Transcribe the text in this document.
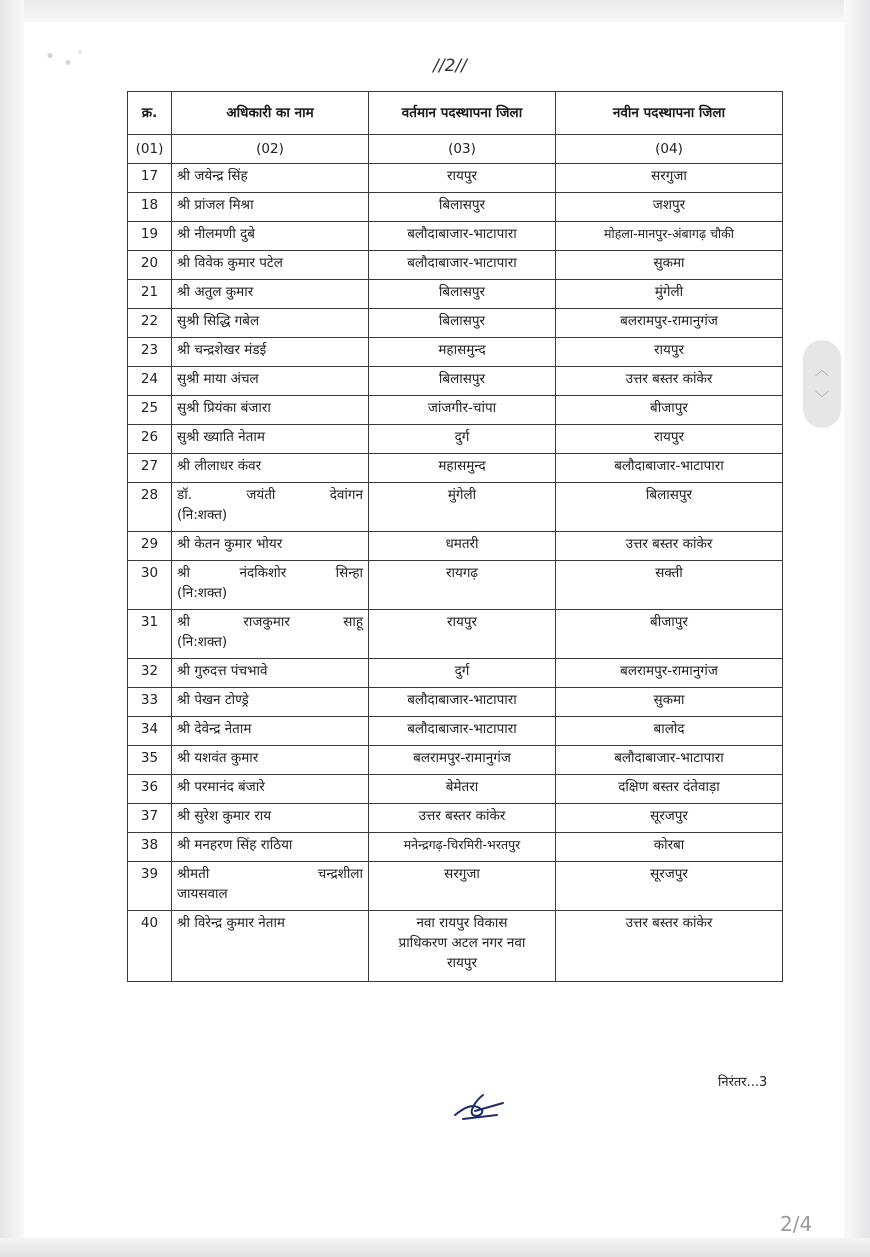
//2//
क्र.	अधिकारी का नाम	वर्तमान पदस्थापना जिला	नवीन पदस्थापना जिला
(01)	(02)	(03)	(04)
17	श्री जयेन्द्र सिंह	रायपुर	सरगुजा
18	श्री प्रांजल मिश्रा	बिलासपुर	जशपुर
19	श्री नीलमणी दुबे	बलौदाबाजार-भाटापारा	मोहला-मानपुर-अंबागढ़ चौकी
20	श्री विवेक कुमार पटेल	बलौदाबाजार-भाटापारा	सुकमा
21	श्री अतुल कुमार	बिलासपुर	मुंगेली
22	सुश्री सिद्धि गबेल	बिलासपुर	बलरामपुर-रामानुगंज
23	श्री चन्द्रशेखर मंडई	महासमुन्द	रायपुर
24	सुश्री माया अंचल	बिलासपुर	उत्तर बस्तर कांकेर
25	सुश्री प्रियंका बंजारा	जांजगीर-चांपा	बीजापुर
26	सुश्री ख्याति नेताम	दुर्ग	रायपुर
27	श्री लीलाधर कंवर	महासमुन्द	बलौदाबाजार-भाटापारा
28	डॉ. जयंती देवांगन
(नि:शक्त)	मुंगेली	बिलासपुर
29	श्री केतन कुमार भोयर	धमतरी	उत्तर बस्तर कांकेर
30	श्री नंदकिशोर सिन्हा
(नि:शक्त)	रायगढ़	सक्ती
31	श्री राजकुमार साहू
(नि:शक्त)	रायपुर	बीजापुर
32	श्री गुरुदत्त पंचभावे	दुर्ग	बलरामपुर-रामानुगंज
33	श्री पेखन टोण्ड्रे	बलौदाबाजार-भाटापारा	सुकमा
34	श्री देवेन्द्र नेताम	बलौदाबाजार-भाटापारा	बालोद
35	श्री यशवंत कुमार	बलरामपुर-रामानुगंज	बलौदाबाजार-भाटापारा
36	श्री परमानंद बंजारे	बेमेतरा	दक्षिण बस्तर दंतेवाड़ा
37	श्री सुरेश कुमार राय	उत्तर बस्तर कांकेर	सूरजपुर
38	श्री मनहरण सिंह राठिया	मनेन्द्रगढ़-चिरमिरी-भरतपुर	कोरबा
39	श्रीमती चन्द्रशीला
जायसवाल	सरगुजा	सूरजपुर
40	श्री विरेन्द्र कुमार नेताम	नवा रायपुर विकास
प्राधिकरण अटल नगर नवा
रायपुर	उत्तर बस्तर कांकेर
निरंतर...3
2/4
︿
﹀
